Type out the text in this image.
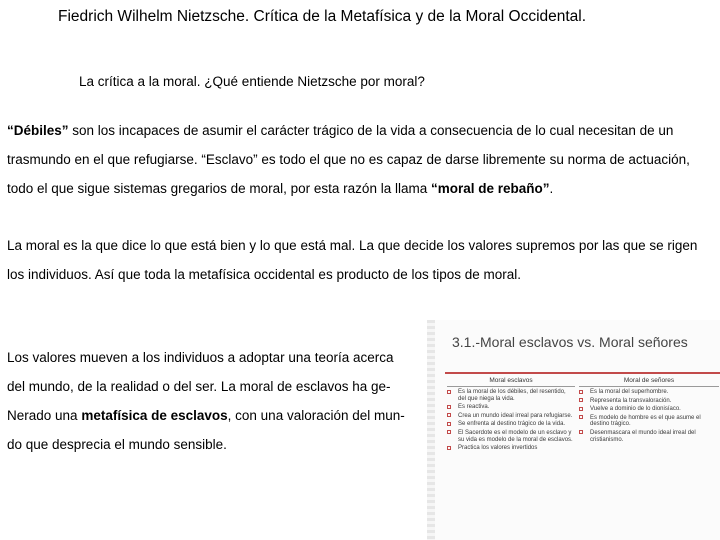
Fiedrich Wilhelm Nietzsche. Crítica de la Metafísica y de la Moral Occidental.
La crítica a la moral. ¿Qué entiende Nietzsche por moral?

“Débiles” son los incapaces de asumir el carácter trágico de la vida a consecuencia de lo cual necesitan de un trasmundo en el que refugiarse. “Esclavo” es todo el que no es capaz de darse libremente su norma de actuación, todo el que sigue sistemas gregarios de moral, por esta razón la llama “moral de rebaño”.

La moral es la que dice lo que está bien y lo que está mal. La que decide los valores supremos por las que se rigen los individuos. Así que toda la metafísica occidental es producto de los tipos de moral.

Los valores mueven a los individuos a adoptar una teoría acerca
del mundo, de la realidad o del ser. La moral de esclavos ha ge-
Nerado una metafísica de esclavos, con una valoración del mun-
do que desprecia el mundo sensible.
3.1.-Moral esclavos vs. Moral señores
Moral esclavos
Es la moral de los débiles, del resentido, del que niega la vida.
Es reactiva.
Crea un mundo ideal irreal para refugiarse.
Se enfrenta al destino trágico de la vida.
El Sacerdote es el modelo de un esclavo y su vida es modelo de la moral de esclavos.
Practica los valores invertidos
Moral de señores
Es la moral del superhombre.
Representa la transvaloración.
Vuelve a dominio de lo dionisíaco.
Es modelo de hombre es el que asume el destino trágico.
Desenmascara el mundo ideal irreal del cristianismo.
